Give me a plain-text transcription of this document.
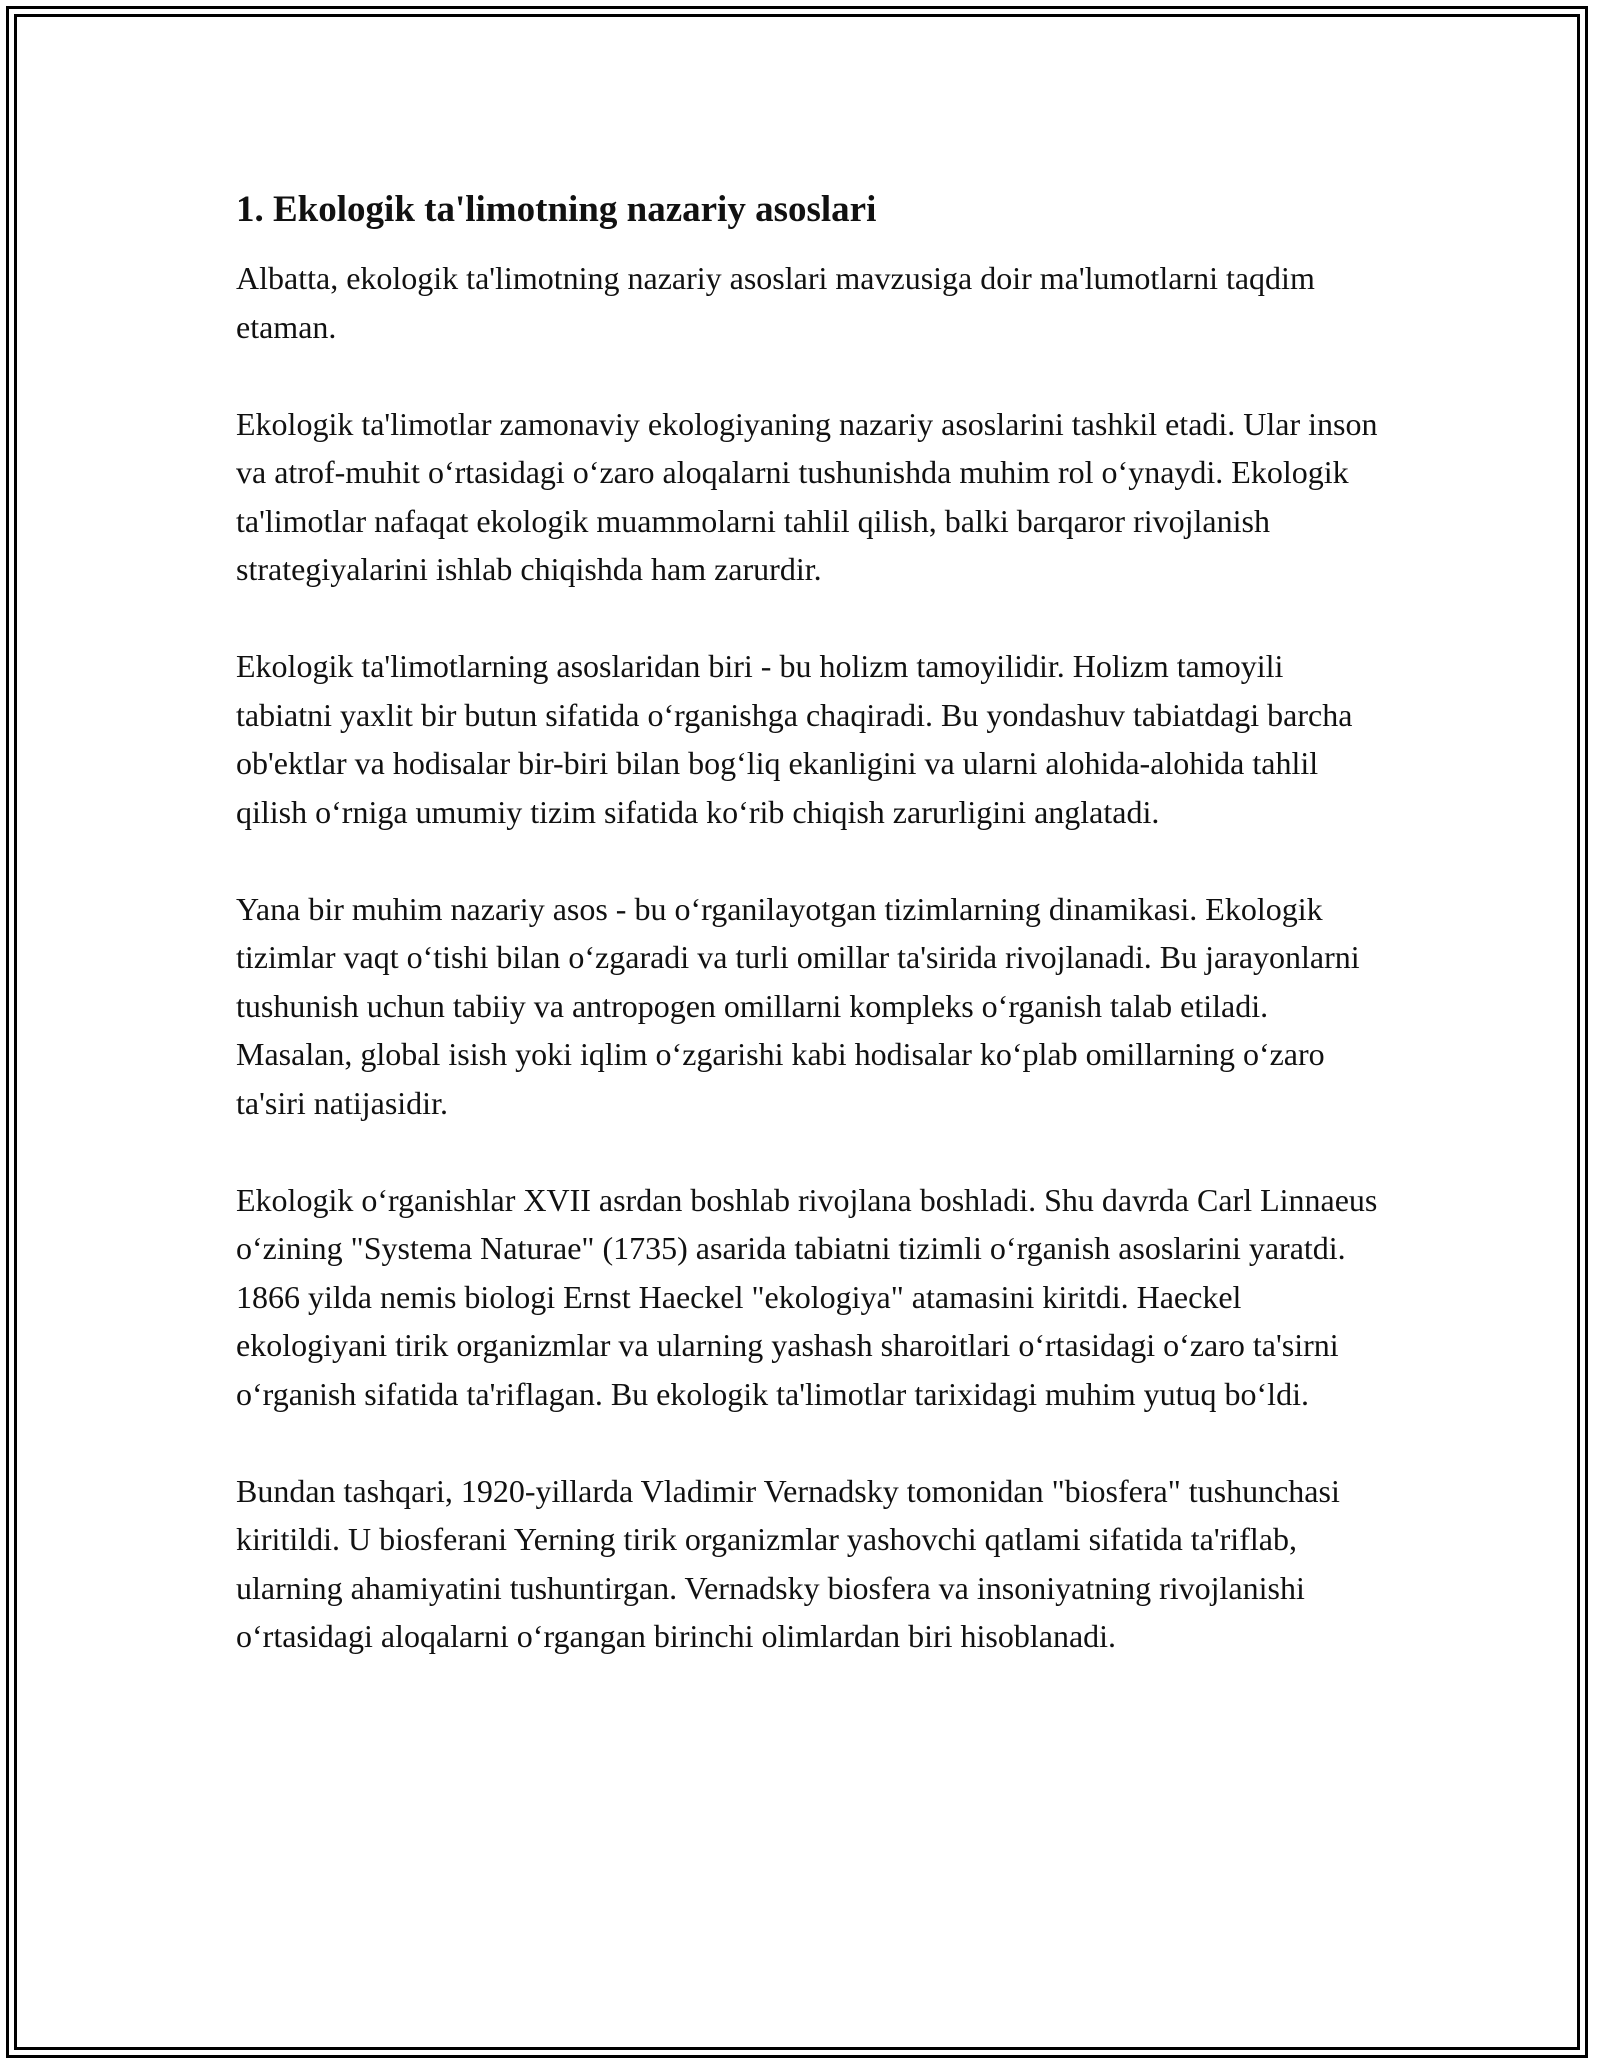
1. Ekologik ta'limotning nazariy asoslari

Albatta, ekologik ta'limotning nazariy asoslari mavzusiga doir ma'lumotlarni taqdim etaman.

Ekologik ta'limotlar zamonaviy ekologiyaning nazariy asoslarini tashkil etadi. Ular inson va atrof-muhit oʻrtasidagi oʻzaro aloqalarni tushunishda muhim rol oʻynaydi. Ekologik ta'limotlar nafaqat ekologik muammolarni tahlil qilish, balki barqaror rivojlanish strategiyalarini ishlab chiqishda ham zarurdir.

Ekologik ta'limotlarning asoslaridan biri - bu holizm tamoyilidir. Holizm tamoyili tabiatni yaxlit bir butun sifatida oʻrganishga chaqiradi. Bu yondashuv tabiatdagi barcha ob'ektlar va hodisalar bir-biri bilan bogʻliq ekanligini va ularni alohida-alohida tahlil qilish oʻrniga umumiy tizim sifatida koʻrib chiqish zarurligini anglatadi.

Yana bir muhim nazariy asos - bu oʻrganilayotgan tizimlarning dinamikasi. Ekologik tizimlar vaqt oʻtishi bilan oʻzgaradi va turli omillar ta'sirida rivojlanadi. Bu jarayonlarni tushunish uchun tabiiy va antropogen omillarni kompleks oʻrganish talab etiladi. Masalan, global isish yoki iqlim oʻzgarishi kabi hodisalar koʻplab omillarning oʻzaro ta'siri natijasidir.

Ekologik oʻrganishlar XVII asrdan boshlab rivojlana boshladi. Shu davrda Carl Linnaeus oʻzining "Systema Naturae" (1735) asarida tabiatni tizimli oʻrganish asoslarini yaratdi. 1866 yilda nemis biologi Ernst Haeckel "ekologiya" atamasini kiritdi. Haeckel ekologiyani tirik organizmlar va ularning yashash sharoitlari oʻrtasidagi oʻzaro ta'sirni oʻrganish sifatida ta'riflagan. Bu ekologik ta'limotlar tarixidagi muhim yutuq boʻldi.

Bundan tashqari, 1920-yillarda Vladimir Vernadsky tomonidan "biosfera" tushunchasi kiritildi. U biosferani Yerning tirik organizmlar yashovchi qatlami sifatida ta'riflab, ularning ahamiyatini tushuntirgan. Vernadsky biosfera va insoniyatning rivojlanishi oʻrtasidagi aloqalarni oʻrgangan birinchi olimlardan biri hisoblanadi.
